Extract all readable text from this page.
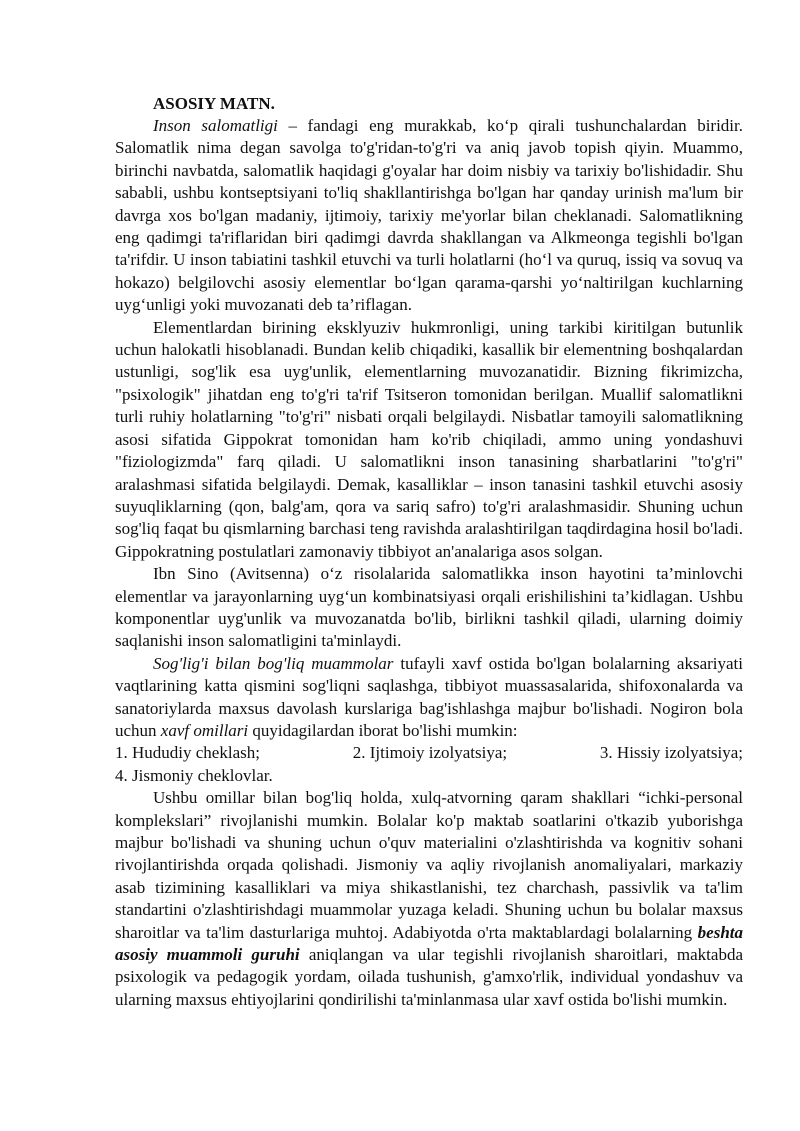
ASOSIY MATN.

Inson salomatligi – fandagi eng murakkab, ko‘p qirali tushunchalardan biridir. Salomatlik nima degan savolga to'g'ridan-to'g'ri va aniq javob topish qiyin. Muammo, birinchi navbatda, salomatlik haqidagi g'oyalar har doim nisbiy va tarixiy bo'lishidadir. Shu sababli, ushbu kontseptsiyani to'liq shakllantirishga bo'lgan har qanday urinish ma'lum bir davrga xos bo'lgan madaniy, ijtimoiy, tarixiy me'yorlar bilan cheklanadi. Salomatlikning eng qadimgi ta'riflaridan biri qadimgi davrda shakllangan va Alkmeonga tegishli bo'lgan ta'rifdir. U inson tabiatini tashkil etuvchi va turli holatlarni (ho‘l va quruq, issiq va sovuq va hokazo) belgilovchi asosiy elementlar bo‘lgan qarama-qarshi yo‘naltirilgan kuchlarning uyg‘unligi yoki muvozanati deb ta’riflagan.

Elementlardan birining eksklyuziv hukmronligi, uning tarkibi kiritilgan butunlik uchun halokatli hisoblanadi. Bundan kelib chiqadiki, kasallik bir elementning boshqalardan ustunligi, sog'lik esa uyg'unlik, elementlarning muvozanatidir. Bizning fikrimizcha, "psixologik" jihatdan eng to'g'ri ta'rif Tsitseron tomonidan berilgan. Muallif salomatlikni turli ruhiy holatlarning "to'g'ri" nisbati orqali belgilaydi. Nisbatlar tamoyili salomatlikning asosi sifatida Gippokrat tomonidan ham ko'rib chiqiladi, ammo uning yondashuvi "fiziologizmda" farq qiladi. U salomatlikni inson tanasining sharbatlarini "to'g'ri" aralashmasi sifatida belgilaydi. Demak, kasalliklar – inson tanasini tashkil etuvchi asosiy suyuqliklarning (qon, balg'am, qora va sariq safro) to'g'ri aralashmasidir. Shuning uchun sog'liq faqat bu qismlarning barchasi teng ravishda aralashtirilgan taqdirdagina hosil bo'ladi. Gippokratning postulatlari zamonaviy tibbiyot an'analariga asos solgan.

Ibn Sino (Avitsenna) o‘z risolalarida salomatlikka inson hayotini ta’minlovchi elementlar va jarayonlarning uyg‘un kombinatsiyasi orqali erishilishini ta’kidlagan. Ushbu komponentlar uyg'unlik va muvozanatda bo'lib, birlikni tashkil qiladi, ularning doimiy saqlanishi inson salomatligini ta'minlaydi.

Sog'lig'i bilan bog'liq muammolar tufayli xavf ostida bo'lgan bolalarning aksariyati vaqtlarining katta qismini sog'liqni saqlashga, tibbiyot muassasalarida, shifoxonalarda va sanatoriylarda maxsus davolash kurslariga bag'ishlashga majbur bo'lishadi. Nogiron bola uchun xavf omillari quyidagilardan iborat bo'lishi mumkin:

1. Hududiy cheklash;	2. Ijtimoiy izolyatsiya;	3. Hissiy izolyatsiya;

4. Jismoniy cheklovlar.

Ushbu omillar bilan bog'liq holda, xulq-atvorning qaram shakllari “ichki-personal komplekslari” rivojlanishi mumkin. Bolalar ko'p maktab soatlarini o'tkazib yuborishga majbur bo'lishadi va shuning uchun o'quv materialini o'zlashtirishda va kognitiv sohani rivojlantirishda orqada qolishadi. Jismoniy va aqliy rivojlanish anomaliyalari, markaziy asab tizimining kasalliklari va miya shikastlanishi, tez charchash, passivlik va ta'lim standartini o'zlashtirishdagi muammolar yuzaga keladi. Shuning uchun bu bolalar maxsus sharoitlar va ta'lim dasturlariga muhtoj. Adabiyotda o'rta maktablardagi bolalarning beshta asosiy muammoli guruhi aniqlangan va ular tegishli rivojlanish sharoitlari, maktabda psixologik va pedagogik yordam, oilada tushunish, g'amxo'rlik, individual yondashuv va ularning maxsus ehtiyojlarini qondirilishi ta'minlanmasa ular xavf ostida bo'lishi mumkin.
